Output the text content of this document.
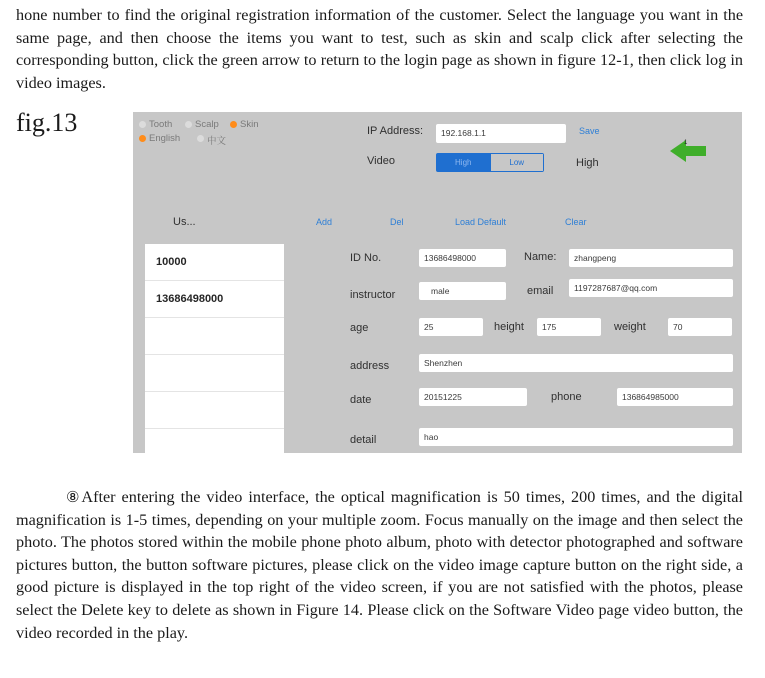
hone number to find the original registration information of the customer. Select the language you want in the same page, and then choose the items you want to test, such as skin and scalp click after selecting the corresponding button, click the green arrow to return to the login page as shown in figure 12-1, then click log in video images.

fig.13	Tooth Scalp Skin
English	中文
IP Address:	192.168.1.1	Save
Video	High	Low	High
1
Us...	Add	Del	Load Default	Clear
10000
13686498000
ID No.	13686498000	Name:	zhangpeng
instructor	male	email	1197287687@qq.com
age	25	height	175	weight	70
address	Shenzhen
date	20151225	phone	136864985000
detail	hao

⑧After entering the video interface, the optical magnification is 50 times, 200 times, and the digital magnification is 1-5 times, depending on your multiple zoom. Focus manually on the image and then select the photo. The photos stored within the mobile phone photo album, photo with detector photographed and software pictures button, the button software pictures, please click on the video image capture button on the right side, a good picture is displayed in the top right of the video screen, if you are not satisfied with the photos, please select the Delete key to delete as shown in Figure 14. Please click on the Software Video page video button, the video recorded in the play.
